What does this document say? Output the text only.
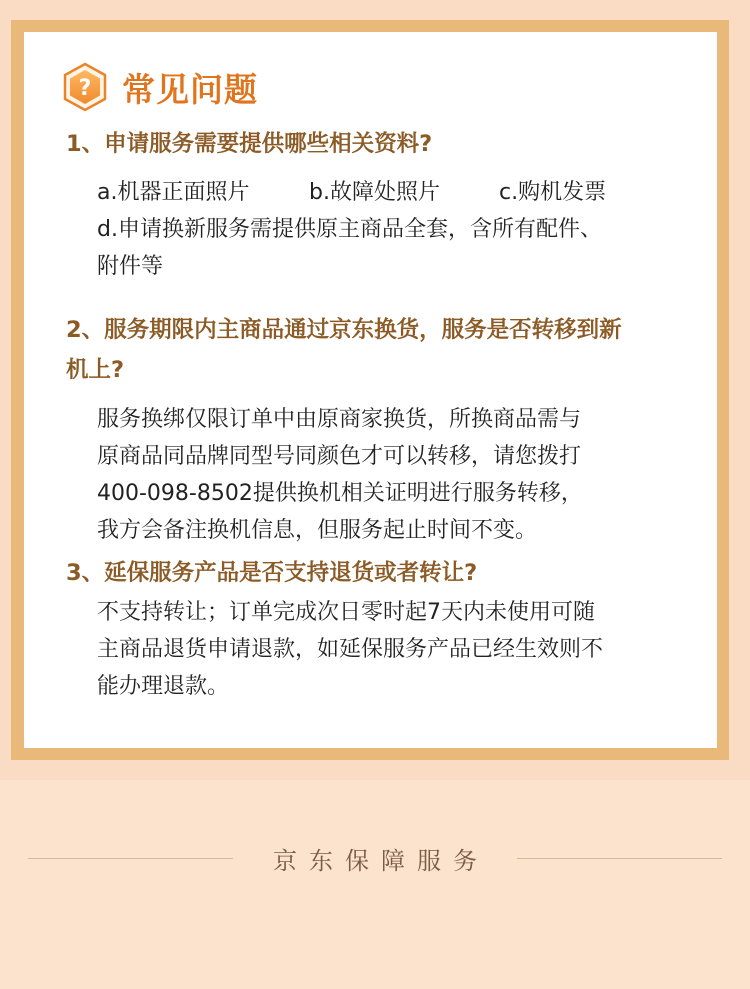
? 常见问题
1、申请服务需要提供哪些相关资料?
a.机器正面照片	b.故障处照片	c.购机发票
d.申请换新服务需提供原主商品全套，含所有配件、
附件等
2、服务期限内主商品通过京东换货，服务是否转移到新
机上?
服务换绑仅限订单中由原商家换货，所换商品需与
原商品同品牌同型号同颜色才可以转移，请您拨打
400-098-8502提供换机相关证明进行服务转移，
我方会备注换机信息，但服务起止时间不变。
3、延保服务产品是否支持退货或者转让?
不支持转让；订单完成次日零时起7天内未使用可随
主商品退货申请退款，如延保服务产品已经生效则不
能办理退款。
京东保障服务
